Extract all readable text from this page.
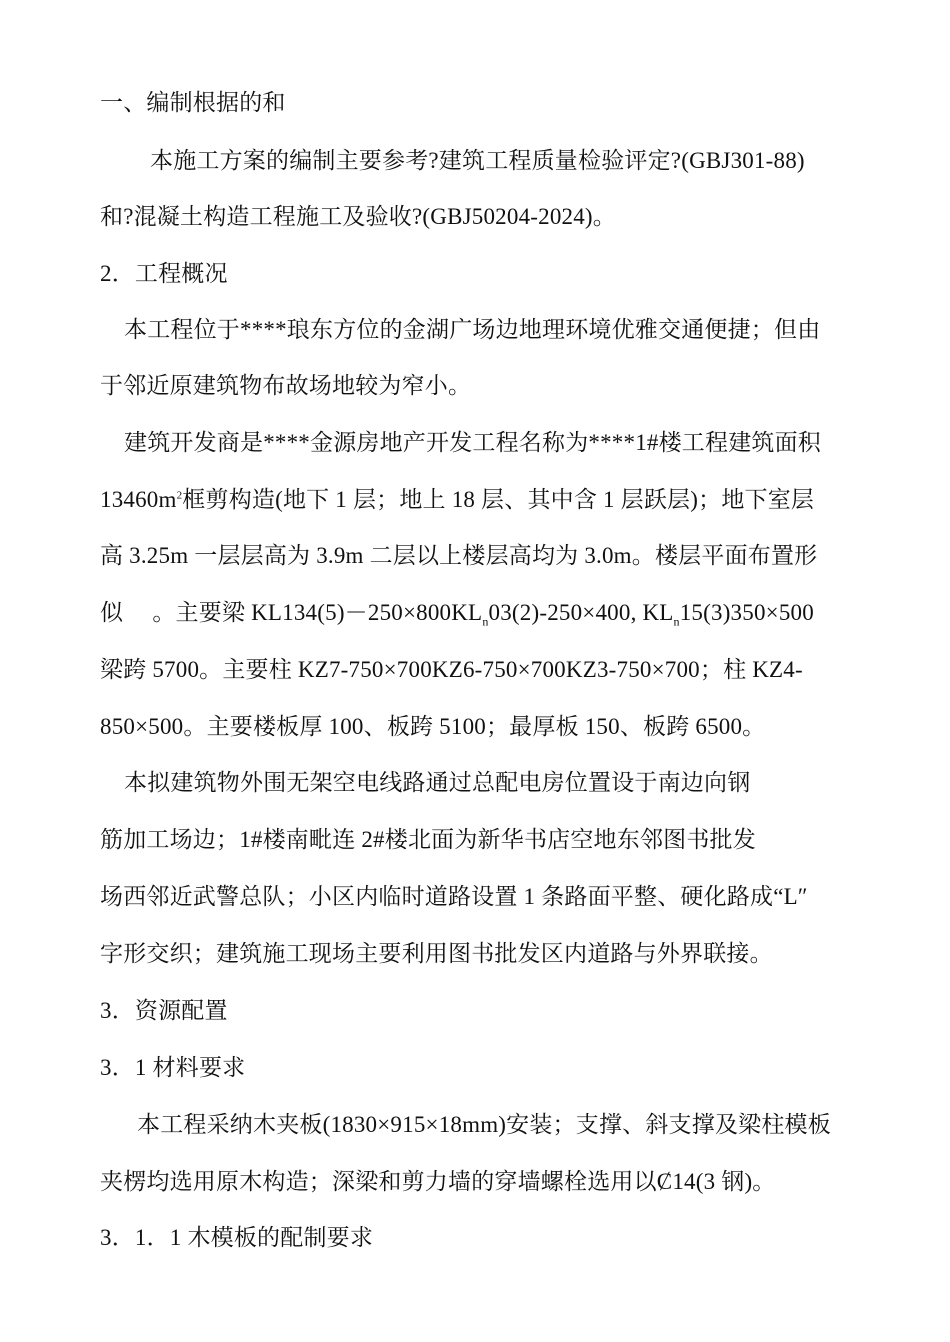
一、编制根据的和
本施工方案的编制主要参考?建筑工程质量检验评定?(GBJ301-88)
和?混凝土构造工程施工及验收?(GBJ50204-2024)。
2．工程概况
本工程位于****琅东方位的金湖广场边地理环境优雅交通便捷；但由
于邻近原建筑物布故场地较为窄小。
建筑开发商是****金源房地产开发工程名称为****1#楼工程建筑面积
$13460m^2$框剪构造(地下 1 层；地上 18 层、其中含 1 层跃层)；地下室层
高 3.25m 一层层高为 3.9m 二层以上楼层高均为 3.0m。楼层平面布置形
似　 。主要梁 $KL134(5)-250\times 800KL_n03(2)-250\times 400$, $KL_n15(3)350\times 500$
梁跨 5700。主要柱 KZ7-750×700KZ6-750×700KZ3-750×700；柱 KZ4-
850×500。主要楼板厚 100、板跨 5100；最厚板 150、板跨 6500。
本拟建筑物外围无架空电线路通过总配电房位置设于南边向钢
筋加工场边；1#楼南毗连 2#楼北面为新华书店空地东邻图书批发
场西邻近武警总队；小区内临时道路设置 1 条路面平整、硬化路成“L″
字形交织；建筑施工现场主要利用图书批发区内道路与外界联接。
3．资源配置
3．1 材料要求
本工程采纳木夹板(1830×915×18mm)安装；支撑、斜支撑及梁柱模板
夹楞均选用原木构造；深梁和剪力墙的穿墙螺栓选用以Ȼ14(3 钢)。
3．1．1 木模板的配制要求
